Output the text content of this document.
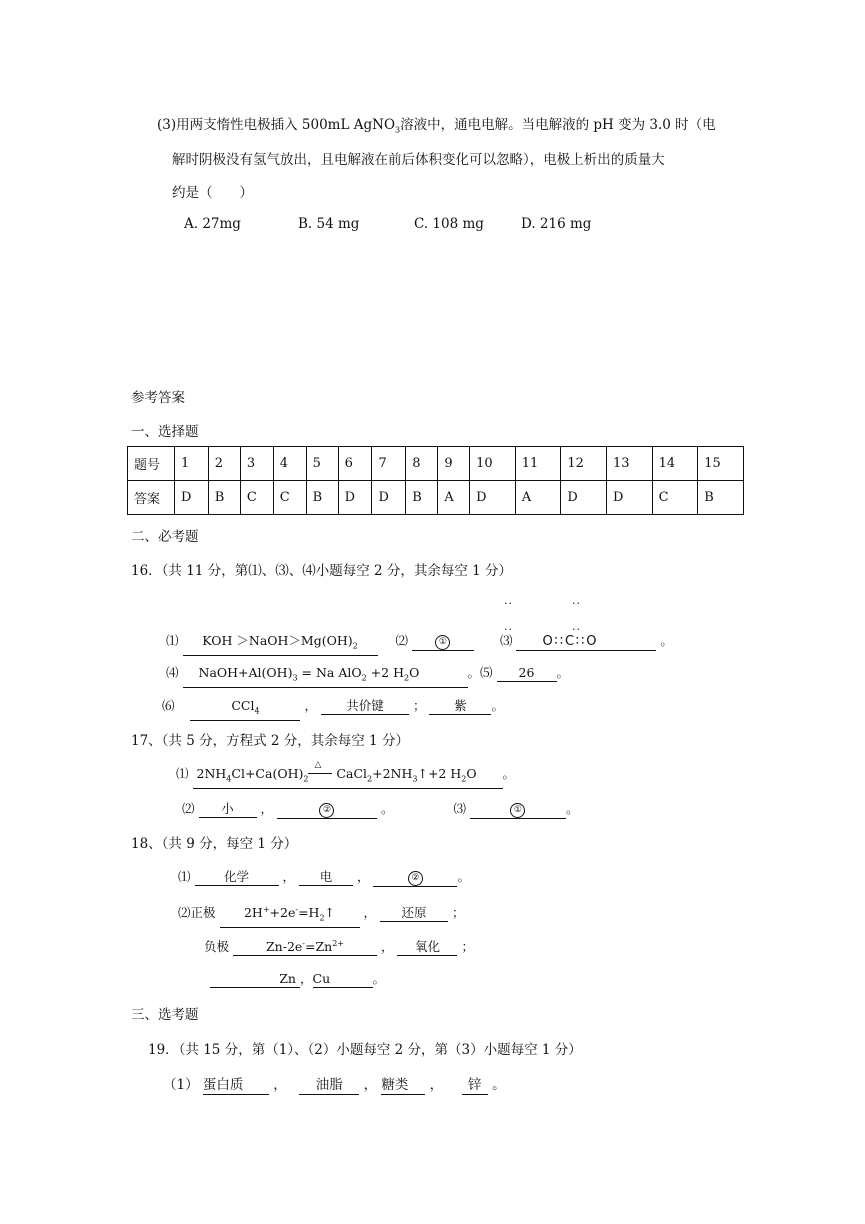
(3)用两支惰性电极插入 500mL AgNO$_3$溶液中，通电电解。当电解液的 pH 变为 3.0 时（电
解时阴极没有氢气放出，且电解液在前后体积变化可以忽略），电极上析出的质量大
约是（　　）
A. 27mg	B. 54 mg	C. 108 mg	D. 216 mg
参考答案
一、选择题
题号	1	2	3	4	5	6	7	8	9	10	11	12	13	14	15
答案	D	B	C	C	B	D	D	B	A	D	A	D	D	C	B
二、必考题
16．（共 11 分，第⑴、⑶、⑷小题每空 2 分，其余每空 1 分）
··	··
··	··
⑴ KOH $>NaOH>Mg(OH)_2$	⑵	①	⑶ O∷C∷O	。
⑷ $NaOH+Al(OH)_3 = Na$ AlO$_2$ +2 $H_2O$	。⑸ 26 。
⑹	CCl$_4$	， 共价键 ； 紫 。
17、（共 5 分，方程式 2 分，其余每空 1 分）
⑴ $2NH_4Cl+Ca(OH)_2$
△
$CaCl_2+2NH_3↑+2$ $H_2O$ 。
⑵ 小 ，	②	。	⑶	①	。
18、（共 9 分，每空 1 分）
⑴	化学	， 电 ，	②	。
⑵正极 $2H^++2e^-=H_2↑$ ， 还原 ；
负极	$Zn-2e^-=Zn^{2+}$	， 氧化 ；
Zn ，Cu	。
三、选考题
19．（共 15 分，第（1）、（2）小题每空 2 分，第（3）小题每空 1 分）
（1） 蛋白质 ， 油脂 ， 糖类 ， 锌 。
